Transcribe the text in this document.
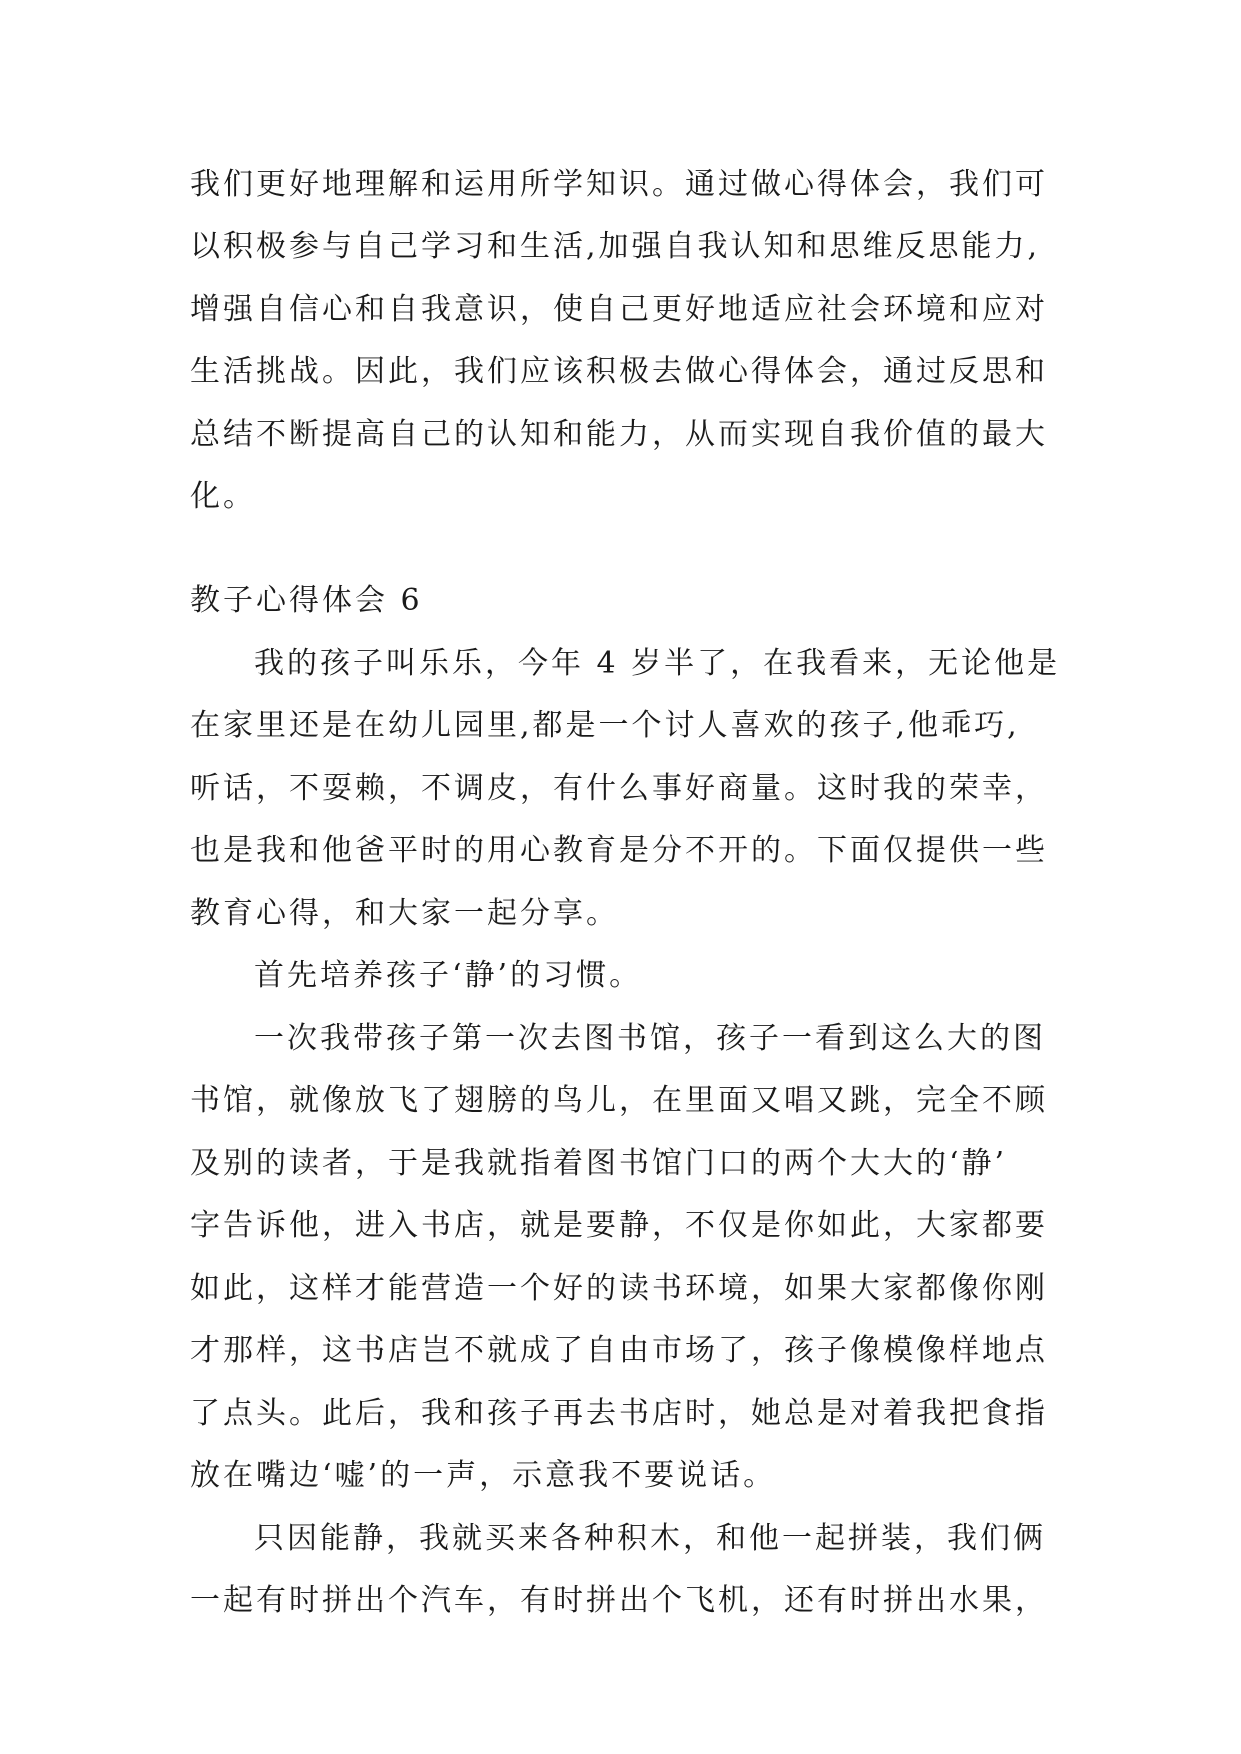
我们更好地理解和运用所学知识。通过做心得体会，我们可
以积极参与自己学习和生活,加强自我认知和思维反思能力,
增强自信心和自我意识，使自己更好地适应社会环境和应对
生活挑战。因此，我们应该积极去做心得体会，通过反思和
总结不断提高自己的认知和能力，从而实现自我价值的最大
化。
教子心得体会 6
我的孩子叫乐乐，今年 4 岁半了，在我看来，无论他是
在家里还是在幼儿园里,都是一个讨人喜欢的孩子,他乖巧,
听话，不耍赖，不调皮，有什么事好商量。这时我的荣幸，
也是我和他爸平时的用心教育是分不开的。下面仅提供一些
教育心得，和大家一起分享。
首先培养孩子‘静’的习惯。
一次我带孩子第一次去图书馆，孩子一看到这么大的图
书馆，就像放飞了翅膀的鸟儿，在里面又唱又跳，完全不顾
及别的读者，于是我就指着图书馆门口的两个大大的‘静’
字告诉他，进入书店，就是要静，不仅是你如此，大家都要
如此，这样才能营造一个好的读书环境，如果大家都像你刚
才那样，这书店岂不就成了自由市场了，孩子像模像样地点
了点头。此后，我和孩子再去书店时，她总是对着我把食指
放在嘴边‘嘘’的一声，示意我不要说话。
只因能静，我就买来各种积木，和他一起拼装，我们俩
一起有时拼出个汽车，有时拼出个飞机，还有时拼出水果，
